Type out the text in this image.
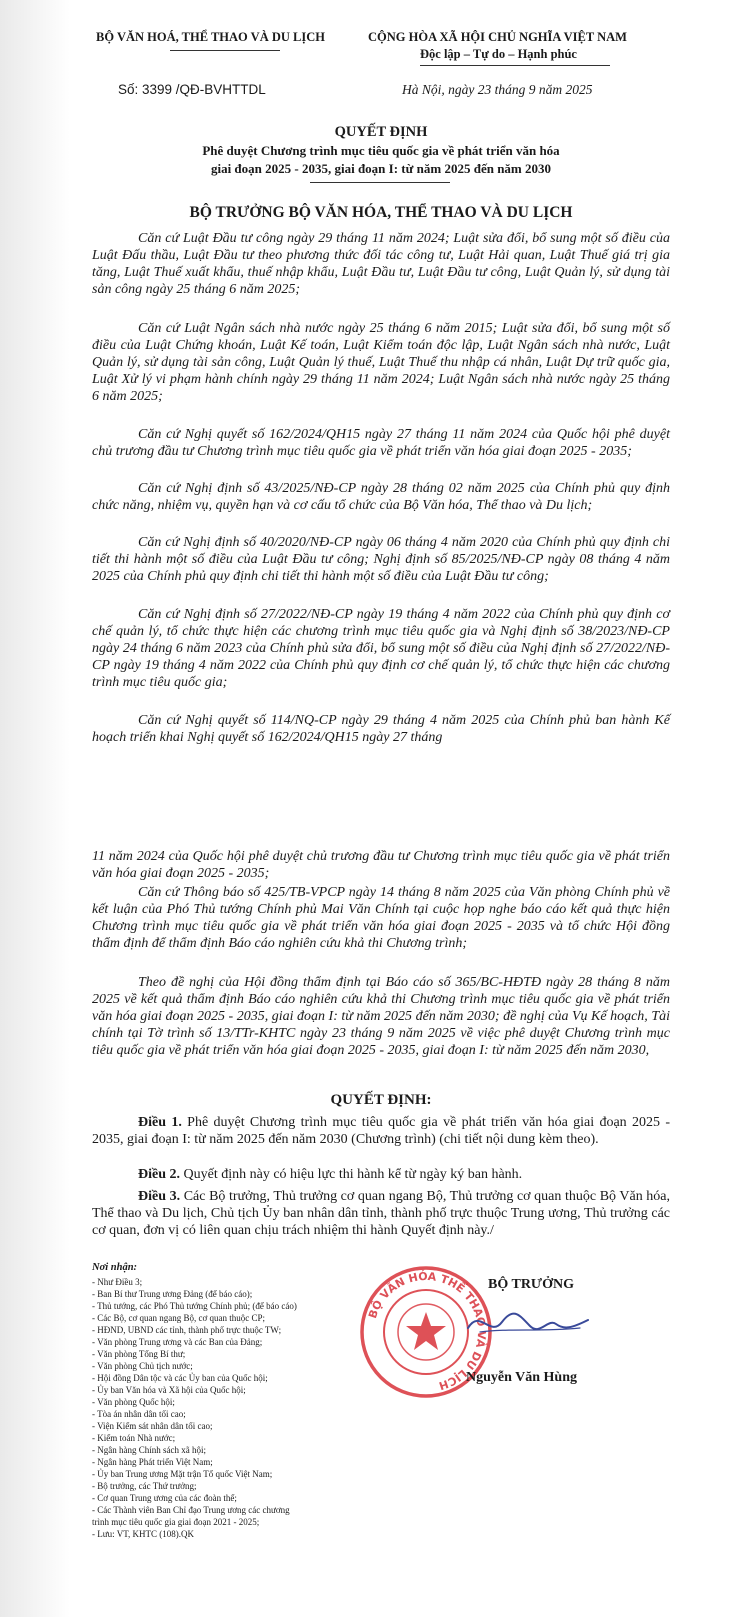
BỘ VĂN HOÁ, THỂ THAO VÀ DU LỊCH	CỘNG HÒA XÃ HỘI CHỦ NGHĨA VIỆT NAM
Độc lập – Tự do – Hạnh phúc
Số: 3399 /QĐ-BVHTTDL	Hà Nội, ngày 23 tháng 9 năm 2025
QUYẾT ĐỊNH
Phê duyệt Chương trình mục tiêu quốc gia về phát triển văn hóa
giai đoạn 2025 - 2035, giai đoạn I: từ năm 2025 đến năm 2030
BỘ TRƯỞNG BỘ VĂN HÓA, THỂ THAO VÀ DU LỊCH
Căn cứ Luật Đầu tư công ngày 29 tháng 11 năm 2024; Luật sửa đổi, bổ sung một số điều của Luật Đấu thầu, Luật Đầu tư theo phương thức đối tác công tư, Luật Hải quan, Luật Thuế giá trị gia tăng, Luật Thuế xuất khẩu, thuế nhập khẩu, Luật Đầu tư, Luật Đầu tư công, Luật Quản lý, sử dụng tài sản công ngày 25 tháng 6 năm 2025;
Căn cứ Luật Ngân sách nhà nước ngày 25 tháng 6 năm 2015; Luật sửa đổi, bổ sung một số điều của Luật Chứng khoán, Luật Kế toán, Luật Kiểm toán độc lập, Luật Ngân sách nhà nước, Luật Quản lý, sử dụng tài sản công, Luật Quản lý thuế, Luật Thuế thu nhập cá nhân, Luật Dự trữ quốc gia, Luật Xử lý vi phạm hành chính ngày 29 tháng 11 năm 2024; Luật Ngân sách nhà nước ngày 25 tháng 6 năm 2025;
Căn cứ Nghị quyết số 162/2024/QH15 ngày 27 tháng 11 năm 2024 của Quốc hội phê duyệt chủ trương đầu tư Chương trình mục tiêu quốc gia về phát triển văn hóa giai đoạn 2025 - 2035;
Căn cứ Nghị định số 43/2025/NĐ-CP ngày 28 tháng 02 năm 2025 của Chính phủ quy định chức năng, nhiệm vụ, quyền hạn và cơ cấu tổ chức của Bộ Văn hóa, Thể thao và Du lịch;
Căn cứ Nghị định số 40/2020/NĐ-CP ngày 06 tháng 4 năm 2020 của Chính phủ quy định chi tiết thi hành một số điều của Luật Đầu tư công; Nghị định số 85/2025/NĐ-CP ngày 08 tháng 4 năm 2025 của Chính phủ quy định chi tiết thi hành một số điều của Luật Đầu tư công;
Căn cứ Nghị định số 27/2022/NĐ-CP ngày 19 tháng 4 năm 2022 của Chính phủ quy định cơ chế quản lý, tổ chức thực hiện các chương trình mục tiêu quốc gia và Nghị định số 38/2023/NĐ-CP ngày 24 tháng 6 năm 2023 của Chính phủ sửa đổi, bổ sung một số điều của Nghị định số 27/2022/NĐ-CP ngày 19 tháng 4 năm 2022 của Chính phủ quy định cơ chế quản lý, tổ chức thực hiện các chương trình mục tiêu quốc gia;
Căn cứ Nghị quyết số 114/NQ-CP ngày 29 tháng 4 năm 2025 của Chính phủ ban hành Kế hoạch triển khai Nghị quyết số 162/2024/QH15 ngày 27 tháng
11 năm 2024 của Quốc hội phê duyệt chủ trương đầu tư Chương trình mục tiêu quốc gia về phát triển văn hóa giai đoạn 2025 - 2035;
Căn cứ Thông báo số 425/TB-VPCP ngày 14 tháng 8 năm 2025 của Văn phòng Chính phủ về kết luận của Phó Thủ tướng Chính phủ Mai Văn Chính tại cuộc họp nghe báo cáo kết quả thực hiện Chương trình mục tiêu quốc gia về phát triển văn hóa giai đoạn 2025 - 2035 và tổ chức Hội đồng thẩm định để thẩm định Báo cáo nghiên cứu khả thi Chương trình;
Theo đề nghị của Hội đồng thẩm định tại Báo cáo số 365/BC-HĐTĐ ngày 28 tháng 8 năm 2025 về kết quả thẩm định Báo cáo nghiên cứu khả thi Chương trình mục tiêu quốc gia về phát triển văn hóa giai đoạn 2025 - 2035, giai đoạn I: từ năm 2025 đến năm 2030; đề nghị của Vụ Kế hoạch, Tài chính tại Tờ trình số 13/TTr-KHTC ngày 23 tháng 9 năm 2025 về việc phê duyệt Chương trình mục tiêu quốc gia về phát triển văn hóa giai đoạn 2025 - 2035, giai đoạn I: từ năm 2025 đến năm 2030,
QUYẾT ĐỊNH:
Điều 1. Phê duyệt Chương trình mục tiêu quốc gia về phát triển văn hóa giai đoạn 2025 - 2035, giai đoạn I: từ năm 2025 đến năm 2030 (Chương trình) (chi tiết nội dung kèm theo).
Điều 2. Quyết định này có hiệu lực thi hành kể từ ngày ký ban hành.
Điều 3. Các Bộ trưởng, Thủ trưởng cơ quan ngang Bộ, Thủ trưởng cơ quan thuộc Bộ Văn hóa, Thể thao và Du lịch, Chủ tịch Ủy ban nhân dân tỉnh, thành phố trực thuộc Trung ương, Thủ trưởng các cơ quan, đơn vị có liên quan chịu trách nhiệm thi hành Quyết định này./
Nơi nhận:
- Như Điều 3;
- Ban Bí thư Trung ương Đảng (để báo cáo);
- Thủ tướng, các Phó Thủ tướng Chính phủ; (để báo cáo)
- Các Bộ, cơ quan ngang Bộ, cơ quan thuộc CP;
- HĐND, UBND các tỉnh, thành phố trực thuộc TW;
- Văn phòng Trung ương và các Ban của Đảng;
- Văn phòng Tổng Bí thư;
- Văn phòng Chủ tịch nước;
- Hội đồng Dân tộc và các Ủy ban của Quốc hội;
- Ủy ban Văn hóa và Xã hội của Quốc hội;
- Văn phòng Quốc hội;
- Tòa án nhân dân tối cao;
- Viện Kiểm sát nhân dân tối cao;
- Kiểm toán Nhà nước;
- Ngân hàng Chính sách xã hội;
- Ngân hàng Phát triển Việt Nam;
- Ủy ban Trung ương Mặt trận Tổ quốc Việt Nam;
- Bộ trưởng, các Thứ trưởng;
- Cơ quan Trung ương của các đoàn thể;
- Các Thành viên Ban Chỉ đạo Trung ương các chương
trình mục tiêu quốc gia giai đoạn 2021 - 2025;
- Lưu: VT, KHTC (108).QK
BỘ TRƯỞNG
BỘ VĂN HÓA THỂ THAO VÀ DU LỊCH	Nguyễn Văn Hùng
